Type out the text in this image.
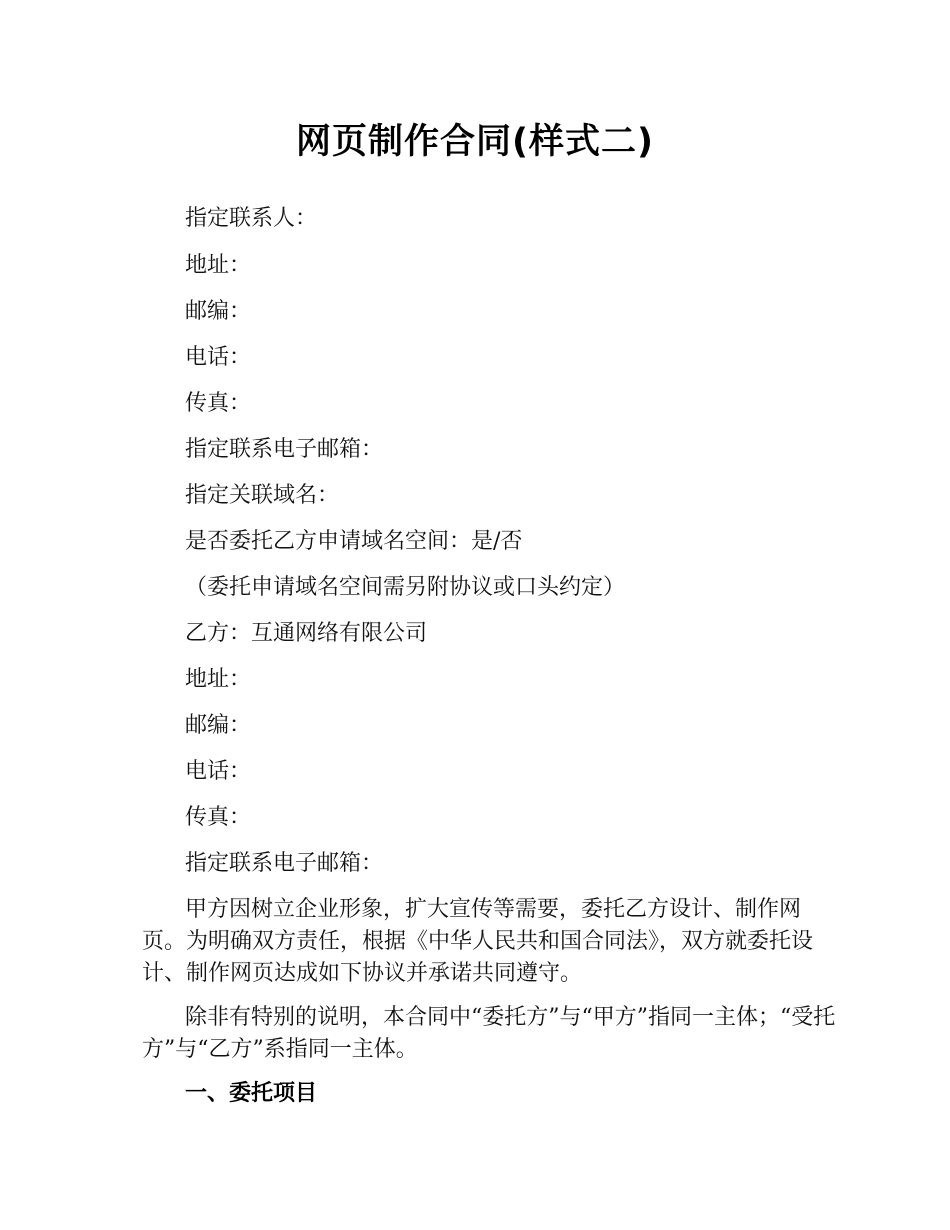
网页制作合同(样式二)
指定联系人：
地址：
邮编：
电话：
传真：
指定联系电子邮箱：
指定关联域名：
是否委托乙方申请域名空间：是/否
（委托申请域名空间需另附协议或口头约定）
乙方：互通网络有限公司
地址：
邮编：
电话：
传真：
指定联系电子邮箱：
甲方因树立企业形象，扩大宣传等需要，委托乙方设计、制作网页。为明确双方责任，根据《中华人民共和国合同法》，双方就委托设计、制作网页达成如下协议并承诺共同遵守。
除非有特别的说明，本合同中“委托方”与“甲方”指同一主体；“受托方”与“乙方”系指同一主体。
一、委托项目
